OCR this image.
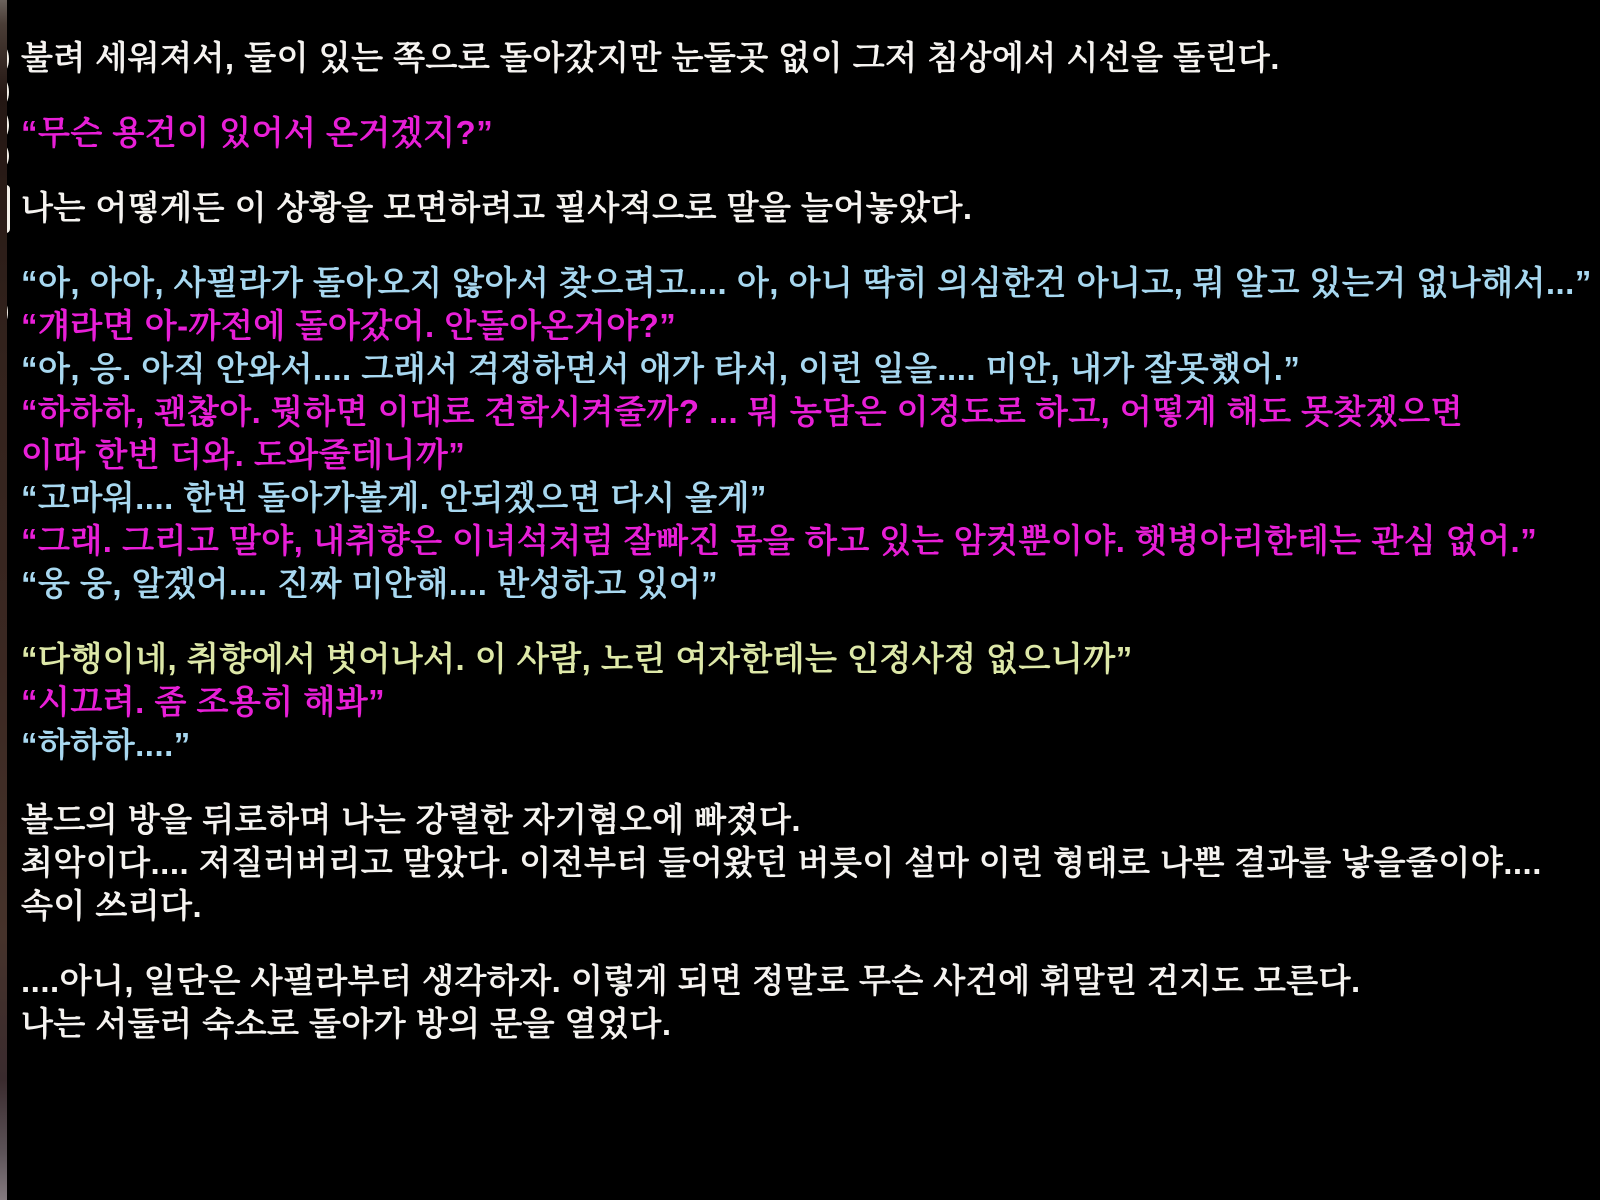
불려 세워져서, 둘이 있는 쪽으로 돌아갔지만 눈둘곳 없이 그저 침상에서 시선을 돌린다.
“무슨 용건이 있어서 온거겠지?”
나는 어떻게든 이 상황을 모면하려고 필사적으로 말을 늘어놓았다.
“아, 아아, 사필라가 돌아오지 않아서 찾으려고.... 아, 아니 딱히 의심한건 아니고, 뭐 알고 있는거 없나해서...”
“걔라면 아-까전에 돌아갔어. 안돌아온거야?”
“아, 응. 아직 안와서.... 그래서 걱정하면서 애가 타서, 이런 일을.... 미안, 내가 잘못했어.”
“하하하, 괜찮아. 뭣하면 이대로 견학시켜줄까? ... 뭐 농담은 이정도로 하고, 어떻게 해도 못찾겠으면
이따 한번 더와. 도와줄테니까”
“고마워.... 한번 돌아가볼게. 안되겠으면 다시 올게”
“그래. 그리고 말야, 내취향은 이녀석처럼 잘빠진 몸을 하고 있는 암컷뿐이야. 햇병아리한테는 관심 없어.”
“웅 웅, 알겠어.... 진짜 미안해.... 반성하고 있어”
“다행이네, 취향에서 벗어나서. 이 사람, 노린 여자한테는 인정사정 없으니까”
“시끄려. 좀 조용히 해봐”
“하하하....”
볼드의 방을 뒤로하며 나는 강렬한 자기혐오에 빠졌다.
최악이다.... 저질러버리고 말았다. 이전부터 들어왔던 버릇이 설마 이런 형태로 나쁜 결과를 낳을줄이야....
속이 쓰리다.
....아니, 일단은 사필라부터 생각하자. 이렇게 되면 정말로 무슨 사건에 휘말린 건지도 모른다.
나는 서둘러 숙소로 돌아가 방의 문을 열었다.
